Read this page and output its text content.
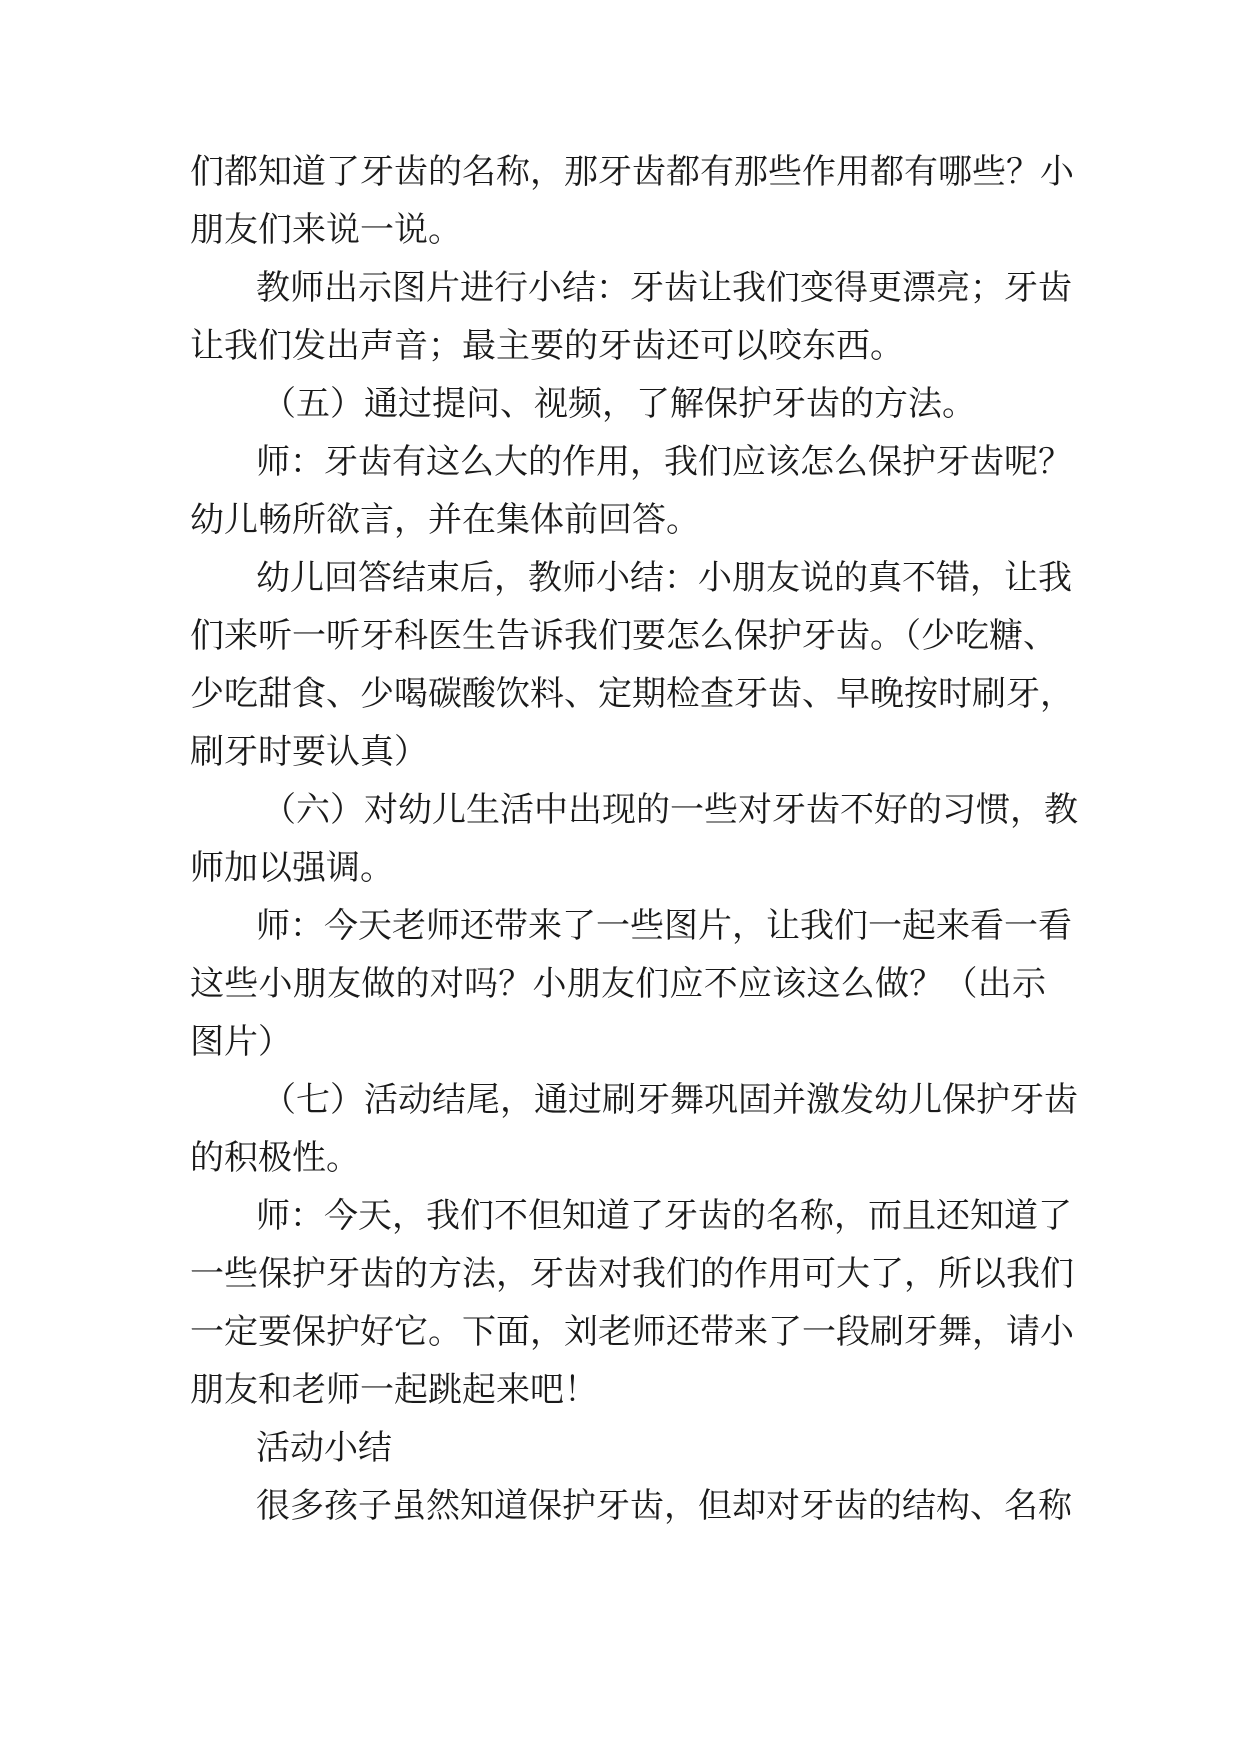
们都知道了牙齿的名称，那牙齿都有那些作用都有哪些？小

朋友们来说一说。

教师出示图片进行小结：牙齿让我们变得更漂亮；牙齿

让我们发出声音；最主要的牙齿还可以咬东西。

（五）通过提问、视频，了解保护牙齿的方法。

师：牙齿有这么大的作用，我们应该怎么保护牙齿呢？

幼儿畅所欲言，并在集体前回答。

幼儿回答结束后，教师小结：小朋友说的真不错，让我

们来听一听牙科医生告诉我们要怎么保护牙齿。（少吃糖、

少吃甜食、少喝碳酸饮料、定期检查牙齿、早晚按时刷牙，

刷牙时要认真）

（六）对幼儿生活中出现的一些对牙齿不好的习惯，教

师加以强调。

师：今天老师还带来了一些图片，让我们一起来看一看

这些小朋友做的对吗？小朋友们应不应该这么做？（出示

图片）

（七）活动结尾，通过刷牙舞巩固并激发幼儿保护牙齿

的积极性。

师：今天，我们不但知道了牙齿的名称，而且还知道了

一些保护牙齿的方法，牙齿对我们的作用可大了，所以我们

一定要保护好它。下面，刘老师还带来了一段刷牙舞，请小

朋友和老师一起跳起来吧！

活动小结

很多孩子虽然知道保护牙齿，但却对牙齿的结构、名称
